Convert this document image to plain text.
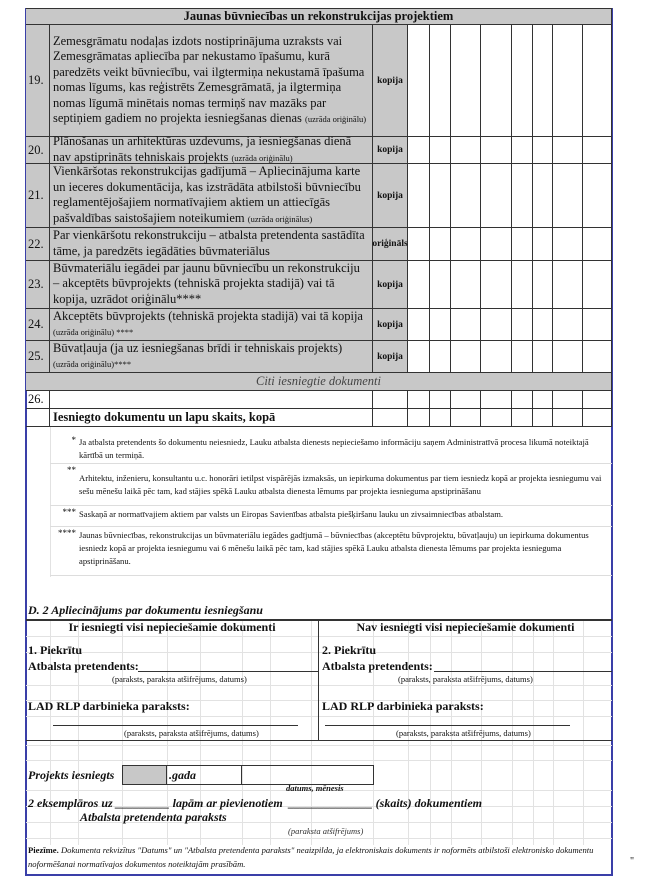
Jaunas būvniecības un rekonstrukcijas projektiem
19.
Zemesgrāmatu nodaļas izdots nostiprinājuma uzraksts vai Zemesgrāmatas apliecība par nekustamo īpašumu, kurā paredzēts veikt būvniecību, vai ilgtermiņa nekustamā īpašuma nomas līgums, kas reģistrēts Zemesgrāmatā, ja ilgtermiņa nomas līgumā minētais nomas termiņš nav mazāks par septiņiem gadiem no projekta iesniegšanas dienas (uzrāda oriģinālu)
kopija
20.
Plānošanas un arhitektūras uzdevums, ja iesniegšanas dienā nav apstiprināts tehniskais projekts (uzrāda oriģinālu)
kopija
21.
Vienkāršotas rekonstrukcijas gadījumā – Apliecinājuma karte un ieceres dokumentācija, kas izstrādāta atbilstoši būvniecību reglamentējošajiem normatīvajiem aktiem un attiecīgās pašvaldības saistošajiem noteikumiem (uzrāda oriģinālus)
kopija
22.
Par vienkāršotu rekonstrukciju – atbalsta pretendenta sastādīta tāme, ja paredzēts iegādāties būvmateriālus	oriģināls
23.
Būvmateriālu iegādei par jaunu būvniecību un rekonstrukciju – akceptēts būvprojekts (tehniskā projekta stadijā) vai tā kopija, uzrādot oriģinālu****
kopija
24.
Akceptēts būvprojekts (tehniskā projekta stadijā) vai tā kopija (uzrāda oriģinālu) ****
kopija
25.
Būvatļauja (ja uz iesniegšanas brīdi ir tehniskais projekts) (uzrāda oriģinālu)****
kopija
Citi iesniegtie dokumenti
26.
Iesniegto dokumentu un lapu skaits, kopā
* Ja atbalsta pretendents šo dokumentu neiesniedz, Lauku atbalsta dienests nepieciešamo informāciju saņem Administratīvā procesa likumā noteiktajā kārtībā un termiņā.
**
Arhitektu, inženieru, konsultantu u.c. honorāri ietilpst vispārējās izmaksās, un iepirkuma dokumentus par tiem iesniedz kopā ar projekta iesniegumu vai sešu mēnešu laikā pēc tam, kad stājies spēkā Lauku atbalsta dienesta lēmums par projekta iesnieguma apstiprināšanu
*** Saskaņā ar normatīvajiem aktiem par valsts un Eiropas Savienības atbalsta piešķiršanu lauku un zivsaimniecības atbalstam.
**** Jaunas būvniecības, rekonstrukcijas un būvmateriālu iegādes gadījumā – būvniecības (akceptētu būvprojektu, būvatļauju) un iepirkuma dokumentus iesniedz kopā ar projekta iesniegumu vai 6 mēnešu laikā pēc tam, kad stājies spēkā Lauku atbalsta dienesta lēmums par projekta iesnieguma apstiprināšanu.
D. 2 Apliecinājums par dokumentu iesniegšanu
Ir iesniegti visi nepieciešamie dokumenti	Nav iesniegti visi nepieciešamie dokumenti
1. Piekrītu
Atbalsta pretendents:
(paraksts, paraksta atšifrējums, datums)
LAD RLP darbinieka paraksts:
(paraksts, paraksta atšifrējums, datums)
2. Piekrītu
Atbalsta pretendents:
(paraksts, paraksta atšifrējums, datums)
LAD RLP darbinieka paraksts:
(paraksts, paraksta atšifrējums, datums)
Projekts iesniegts	.gada
datums, mēnesis
2 eksemplāros uz _________ lapām ar pievienotiem  ______________ (skaits) dokumentiem
Atbalsta pretendenta paraksts
(paraksta atšifrējums)
Piezīme. Dokumenta rekvizītus "Datums" un "Atbalsta pretendenta paraksts" neaizpilda, ja elektroniskais dokuments ir noformēts atbilstoši elektronisko dokumentu noformēšanai normatīvajos dokumentos noteiktajām prasībām.	"
